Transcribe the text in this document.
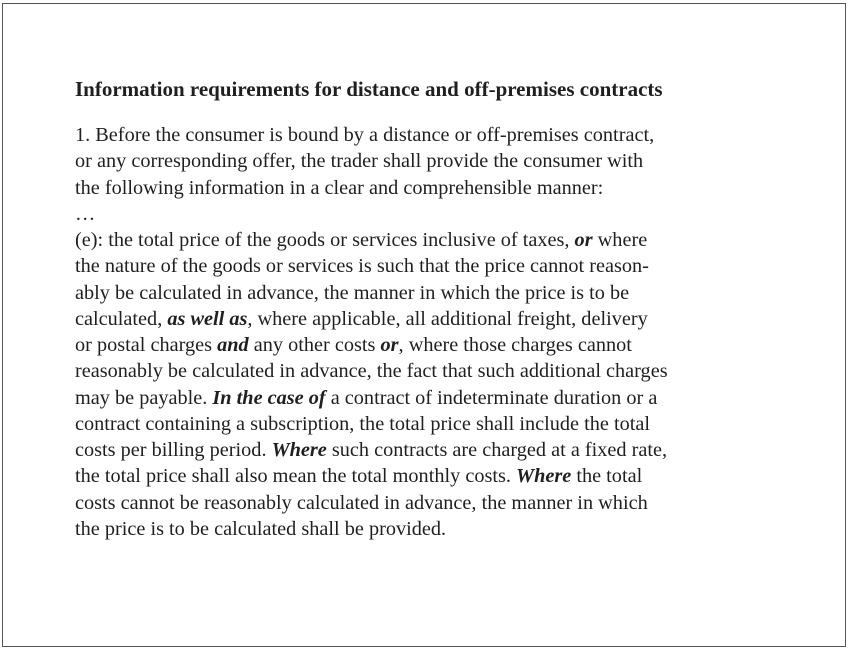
Information requirements for distance and off-premises contracts
1. Before the consumer is bound by a distance or off-premises contract,
or any corresponding offer, the trader shall provide the consumer with
the following information in a clear and comprehensible manner:
…
(e): the total price of the goods or services inclusive of taxes, or where
the nature of the goods or services is such that the price cannot reason-
ably be calculated in advance, the manner in which the price is to be
calculated, as well as, where applicable, all additional freight, delivery
or postal charges and any other costs or, where those charges cannot
reasonably be calculated in advance, the fact that such additional charges
may be payable. In the case of a contract of indeterminate duration or a
contract containing a subscription, the total price shall include the total
costs per billing period. Where such contracts are charged at a fixed rate,
the total price shall also mean the total monthly costs. Where the total
costs cannot be reasonably calculated in advance, the manner in which
the price is to be calculated shall be provided.
